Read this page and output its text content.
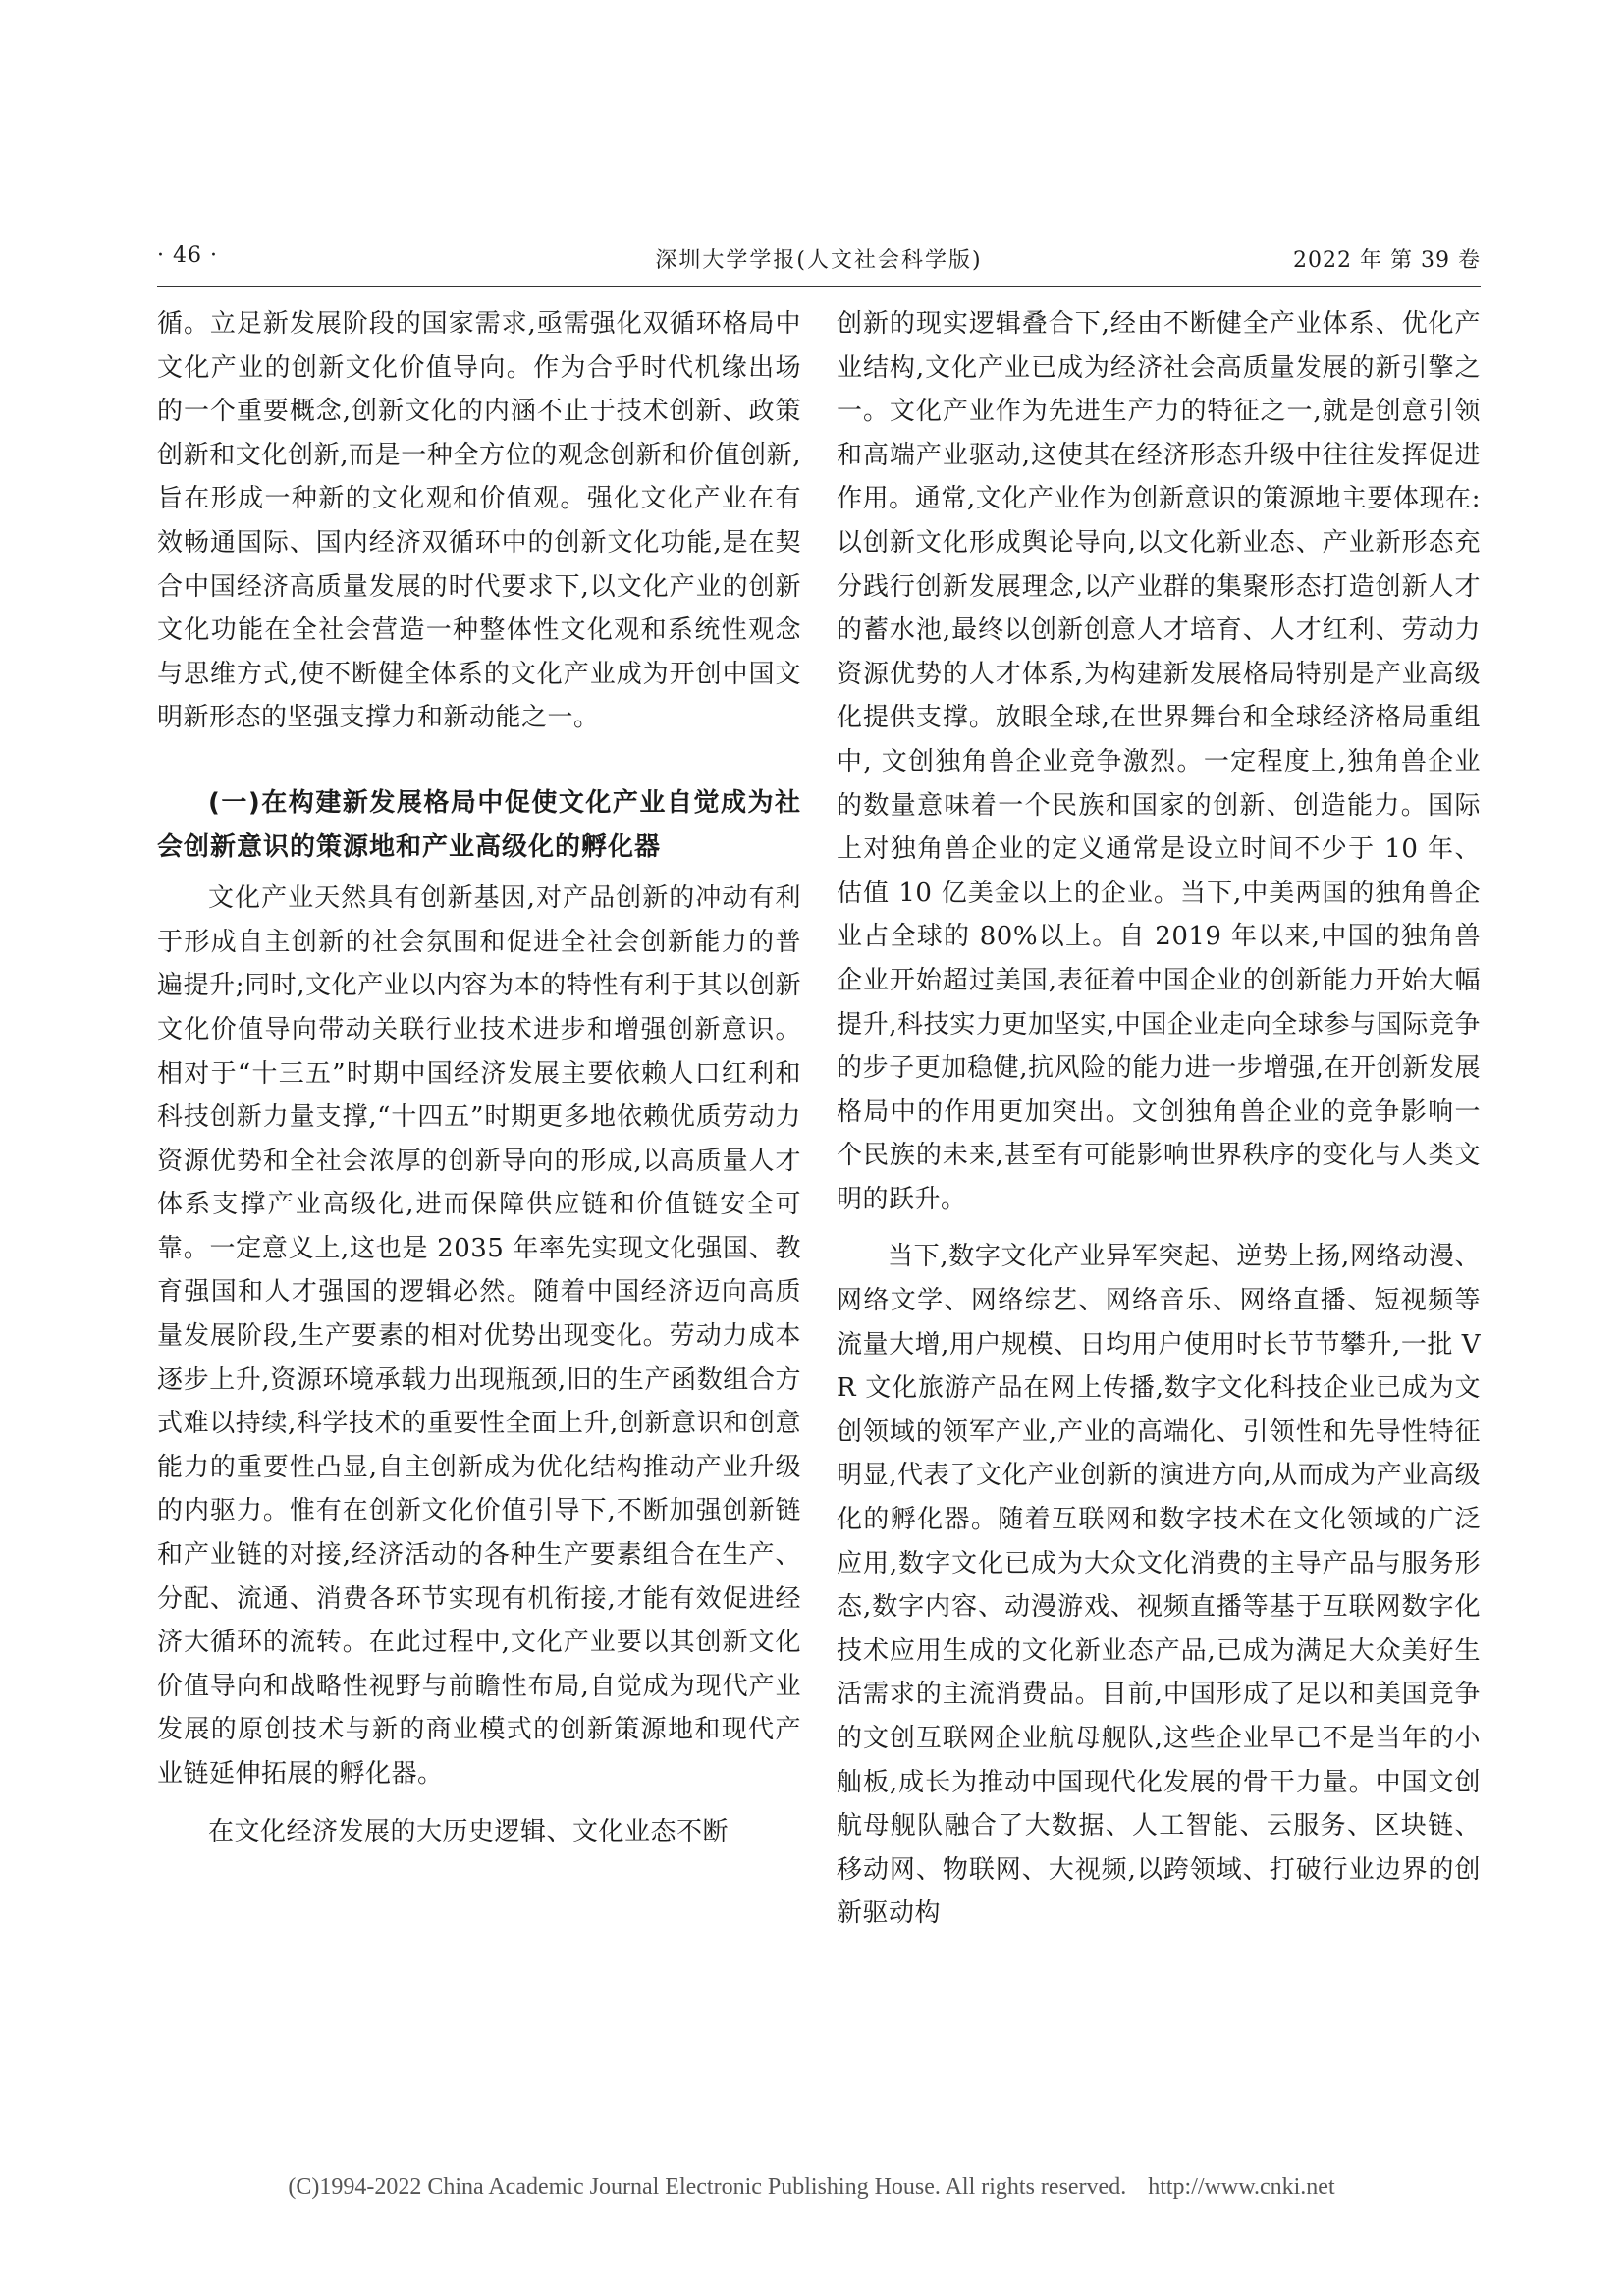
· 46 ·	深圳大学学报(人文社会科学版)	2022 年 第 39 卷

循。立足新发展阶段的国家需求,亟需强化双循环格局中文化产业的创新文化价值导向。作为合乎时代机缘出场的一个重要概念,创新文化的内涵不止于技术创新、政策创新和文化创新,而是一种全方位的观念创新和价值创新,旨在形成一种新的文化观和价值观。强化文化产业在有效畅通国际、国内经济双循环中的创新文化功能,是在契合中国经济高质量发展的时代要求下,以文化产业的创新文化功能在全社会营造一种整体性文化观和系统性观念与思维方式,使不断健全体系的文化产业成为开创中国文明新形态的坚强支撑力和新动能之一。

(一)在构建新发展格局中促使文化产业自觉成为社会创新意识的策源地和产业高级化的孵化器

文化产业天然具有创新基因,对产品创新的冲动有利于形成自主创新的社会氛围和促进全社会创新能力的普遍提升;同时,文化产业以内容为本的特性有利于其以创新文化价值导向带动关联行业技术进步和增强创新意识。相对于“十三五”时期中国经济发展主要依赖人口红利和科技创新力量支撑,“十四五”时期更多地依赖优质劳动力资源优势和全社会浓厚的创新导向的形成,以高质量人才体系支撑产业高级化,进而保障供应链和价值链安全可靠。一定意义上,这也是 2035 年率先实现文化强国、教育强国和人才强国的逻辑必然。随着中国经济迈向高质量发展阶段,生产要素的相对优势出现变化。劳动力成本逐步上升,资源环境承载力出现瓶颈,旧的生产函数组合方式难以持续,科学技术的重要性全面上升,创新意识和创意能力的重要性凸显,自主创新成为优化结构推动产业升级的内驱力。惟有在创新文化价值引导下,不断加强创新链和产业链的对接,经济活动的各种生产要素组合在生产、分配、流通、消费各环节实现有机衔接,才能有效促进经济大循环的流转。在此过程中,文化产业要以其创新文化价值导向和战略性视野与前瞻性布局,自觉成为现代产业发展的原创技术与新的商业模式的创新策源地和现代产业链延伸拓展的孵化器。

在文化经济发展的大历史逻辑、文化业态不断

创新的现实逻辑叠合下,经由不断健全产业体系、优化产业结构,文化产业已成为经济社会高质量发展的新引擎之一。文化产业作为先进生产力的特征之一,就是创意引领和高端产业驱动,这使其在经济形态升级中往往发挥促进作用。通常,文化产业作为创新意识的策源地主要体现在:以创新文化形成舆论导向,以文化新业态、产业新形态充分践行创新发展理念,以产业群的集聚形态打造创新人才的蓄水池,最终以创新创意人才培育、人才红利、劳动力资源优势的人才体系,为构建新发展格局特别是产业高级化提供支撑。放眼全球,在世界舞台和全球经济格局重组中, 文创独角兽企业竞争激烈。一定程度上,独角兽企业的数量意味着一个民族和国家的创新、创造能力。国际上对独角兽企业的定义通常是设立时间不少于 10 年、估值 10 亿美金以上的企业。当下,中美两国的独角兽企业占全球的 80%以上。自 2019 年以来,中国的独角兽企业开始超过美国,表征着中国企业的创新能力开始大幅提升,科技实力更加坚实,中国企业走向全球参与国际竞争的步子更加稳健,抗风险的能力进一步增强,在开创新发展格局中的作用更加突出。文创独角兽企业的竞争影响一个民族的未来,甚至有可能影响世界秩序的变化与人类文明的跃升。

当下,数字文化产业异军突起、逆势上扬,网络动漫、网络文学、网络综艺、网络音乐、网络直播、短视频等流量大增,用户规模、日均用户使用时长节节攀升,一批 VR 文化旅游产品在网上传播,数字文化科技企业已成为文创领域的领军产业,产业的高端化、引领性和先导性特征明显,代表了文化产业创新的演进方向,从而成为产业高级化的孵化器。随着互联网和数字技术在文化领域的广泛应用,数字文化已成为大众文化消费的主导产品与服务形态,数字内容、动漫游戏、视频直播等基于互联网数字化技术应用生成的文化新业态产品,已成为满足大众美好生活需求的主流消费品。目前,中国形成了足以和美国竞争的文创互联网企业航母舰队,这些企业早已不是当年的小舢板,成长为推动中国现代化发展的骨干力量。中国文创航母舰队融合了大数据、人工智能、云服务、区块链、移动网、物联网、大视频,以跨领域、打破行业边界的创新驱动构

(C)1994-2022 China Academic Journal Electronic Publishing House. All rights reserved. http://www.cnki.net
